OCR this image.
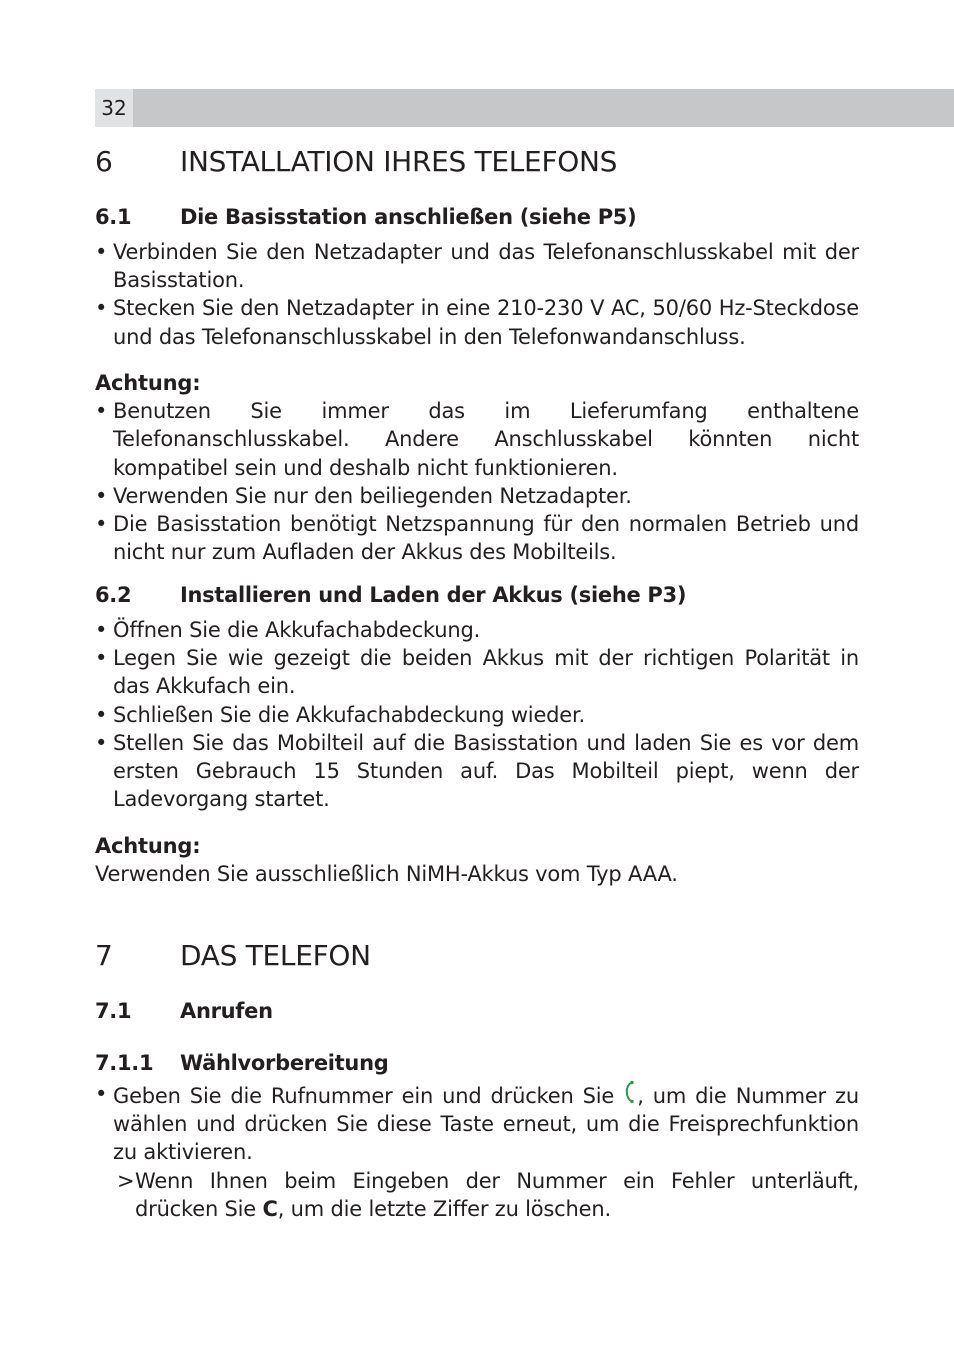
32
6 INSTALLATION IHRES TELEFONS
6.1 Die Basisstation anschließen (siehe P5)
• Verbinden Sie den Netzadapter und das Telefonanschlusskabel mit der Basisstation.
• Stecken Sie den Netzadapter in eine 210-230 V AC, 50/60 Hz-Steckdose und das Telefonanschlusskabel in den Telefonwandanschluss.
Achtung:
• Benutzen Sie immer das im Lieferumfang enthaltene Telefonanschlusskabel. Andere Anschlusskabel könnten nicht kompatibel sein und deshalb nicht funktionieren.
• Verwenden Sie nur den beiliegenden Netzadapter.
• Die Basisstation benötigt Netzspannung für den normalen Betrieb und nicht nur zum Aufladen der Akkus des Mobilteils.
6.2 Installieren und Laden der Akkus (siehe P3)
• Öffnen Sie die Akkufachabdeckung.
• Legen Sie wie gezeigt die beiden Akkus mit der richtigen Polarität in das Akkufach ein.
• Schließen Sie die Akkufachabdeckung wieder.
• Stellen Sie das Mobilteil auf die Basisstation und laden Sie es vor dem ersten Gebrauch 15 Stunden auf. Das Mobilteil piept, wenn der Ladevorgang startet.
Achtung:
Verwenden Sie ausschließlich NiMH-Akkus vom Typ AAA.
7 DAS TELEFON
7.1 Anrufen
7.1.1 Wählvorbereitung
• Geben Sie die Rufnummer ein und drücken Sie , um die Nummer zu wählen und drücken Sie diese Taste erneut, um die Freisprechfunktion zu aktivieren.
> Wenn Ihnen beim Eingeben der Nummer ein Fehler unterläuft, drücken Sie C, um die letzte Ziffer zu löschen.
